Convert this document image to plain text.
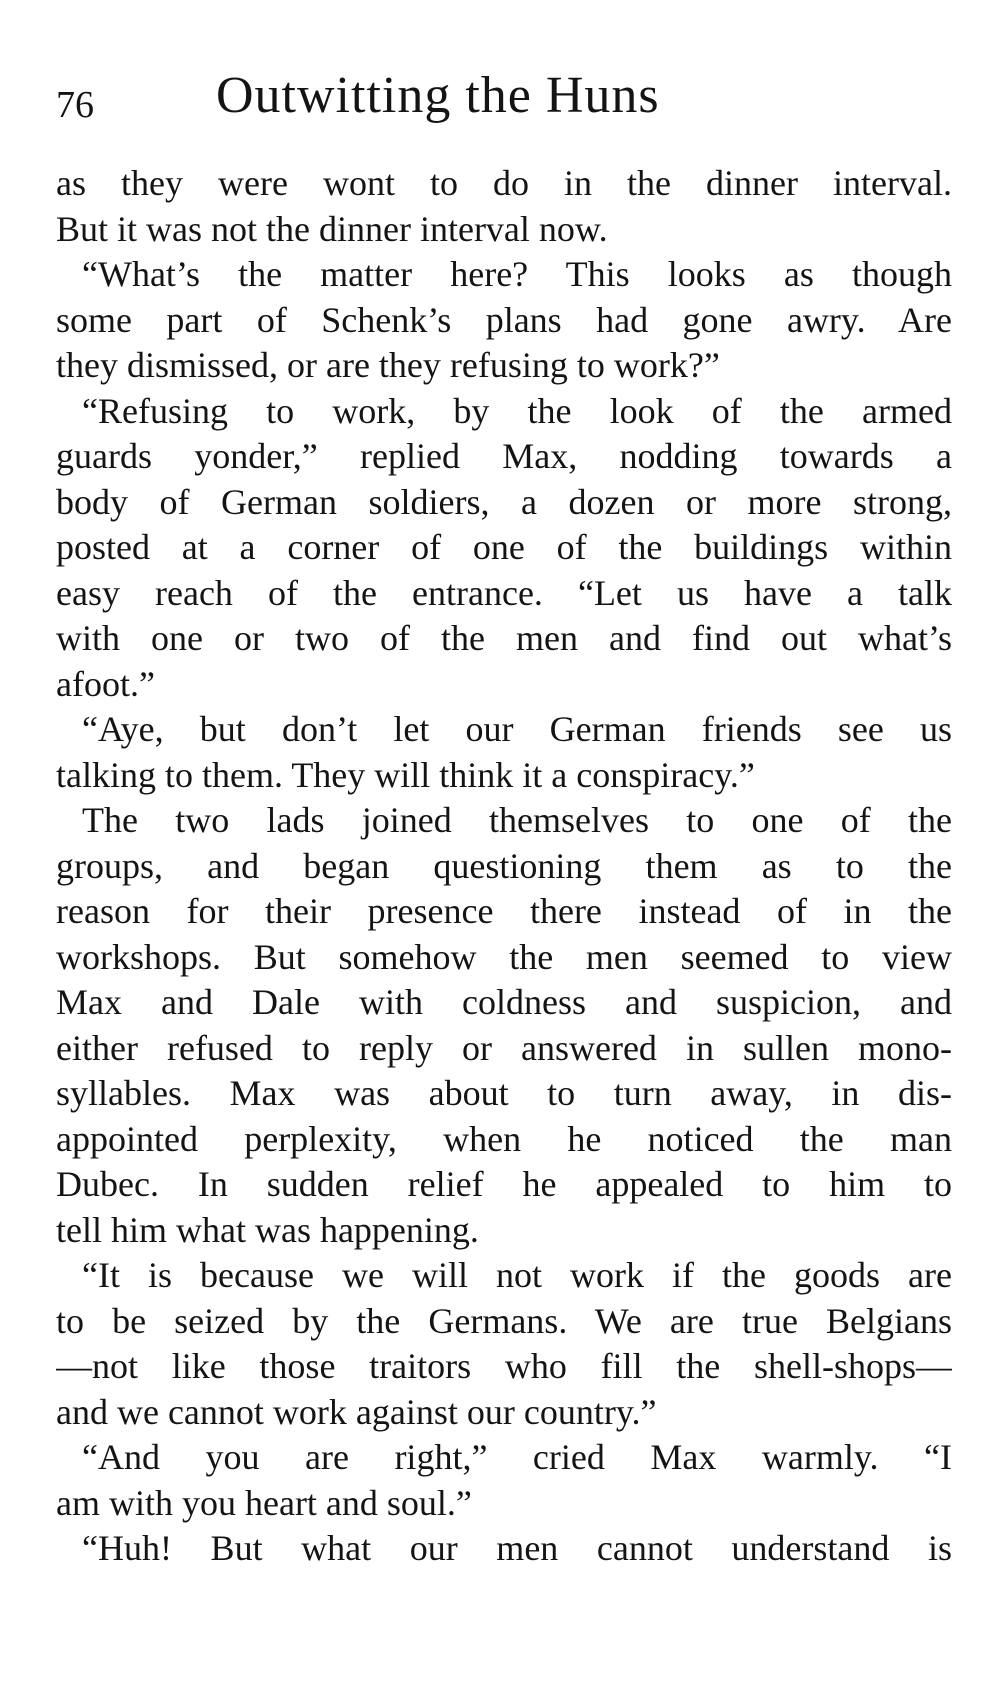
76 Outwitting the Huns
as they were wont to do in the dinner interval.
But it was not the dinner interval now.
“What’s the matter here? This looks as though
some part of Schenk’s plans had gone awry. Are
they dismissed, or are they refusing to work?”
“Refusing to work, by the look of the armed
guards yonder,” replied Max, nodding towards a
body of German soldiers, a dozen or more strong,
posted at a corner of one of the buildings within
easy reach of the entrance. “Let us have a talk
with one or two of the men and find out what’s
afoot.”
“Aye, but don’t let our German friends see us
talking to them. They will think it a conspiracy.”
The two lads joined themselves to one of the
groups, and began questioning them as to the
reason for their presence there instead of in the
workshops. But somehow the men seemed to view
Max and Dale with coldness and suspicion, and
either refused to reply or answered in sullen mono-
syllables. Max was about to turn away, in dis-
appointed perplexity, when he noticed the man
Dubec. In sudden relief he appealed to him to
tell him what was happening.
“It is because we will not work if the goods are
to be seized by the Germans. We are true Belgians
—not like those traitors who fill the shell-shops—
and we cannot work against our country.”
“And you are right,” cried Max warmly. “I
am with you heart and soul.”
“Huh! But what our men cannot understand is
